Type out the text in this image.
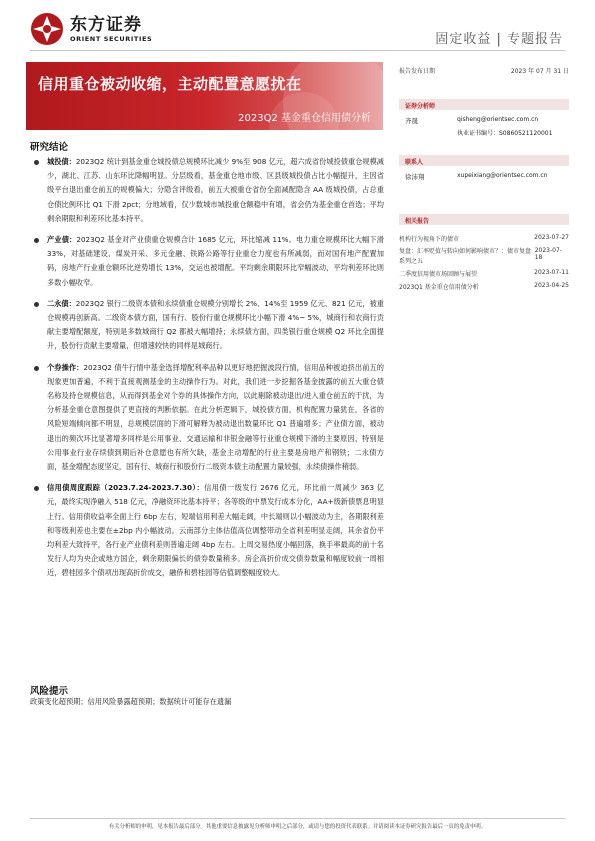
东方证券
ORIENT SECURITIES	固定收益 | 专题报告
信用重仓被动收缩，主动配置意愿扰在
2023Q2 基金重仓信用债分析
报告发布日期	2023 年 07 月 31 日
证券分析师
齐晟	qisheng@orientsec.com.cn
执业证书编号：S0860521120001
联系人
徐沛翔	xupeixiang@orientsec.com.cn
相关报告
机构行为视角下的债市	2023-07-27
复盘：汇率贬值与转向如何影响债市？：债市复盘系列之五
2023-07-18
二季度信用债市场回顾与展望	2023-07-11
2023Q1 基金重仓信用债分析	2023-04-25
研究结论
城投债：2023Q2 统计到基金重仓城投债总规模环比减少 9%至 908 亿元，超六成省份城投债重仓规模减少，湖北、江苏、山东环比降幅明显。分层级看，基金重仓地市级、区县级城投债占比小幅提升，主因省级平台退出重仓前五的规模偏大；分隐含评级看，前五大被重仓省份全面减配隐含 AA 级城投债，占总重仓债比例环比 Q1 下滑 2pct；分地域看，仅少数城市城投重仓额稳中有增，省会仍为基金重仓首选；平均剩余期限和利差环比基本持平。
产业债：2023Q2 基金对产业债重仓规模合计 1685 亿元，环比缩减 11%。电力重仓规模环比大幅下滑 33%，对基础建设、煤炭开采、多元金融、铁路公路等行业重仓力度也有所减弱，而对国有地产配置加码，房地产行业重仓额环比逆势增长 13%，交运也被增配。平均剩余期限环比窄幅波动，平均利差环比则多数小幅收窄。
二永债：2023Q2 银行二级资本债和永续债重仓规模分别增长 2%、14%至 1959 亿元、821 亿元，被重仓规模再创新高。二级资本债方面，国有行、股份行重仓规模环比小幅下滑 4%~ 5%，城商行和农商行贡献主要增配额度，特别是多数城商行 Q2 都被大幅增持；永续债方面，四类银行重仓规模 Q2 环比全面提升，股份行贡献主要增量，但增速较快的同样是城商行。
个券操作：2023Q2 债牛行情中基金选择增配利率品种以更好地把握波段行情，信用品种被迫挤出前五的现象更加普遍，不利于直接观测基金的主动操作行为。对此，我们进一步挖掘各基金披露的前五大重仓债名称及持仓规模信息，从而得到基金对个券的具体操作方向，以此剔除被动退出/进入重仓前五的干扰，为分析基金重仓意图提供了更直接的判断依据。在此分析逻辑下，城投债方面，机构配置力量犹在，各省的风险短端倾向都不明显，总规模层面的下滑可解释为被动退出数量环比 Q1 普遍增多；产业债方面，被动退出的频次环比显著增多同样是公用事业、交通运输和非银金融等行业重仓规模下滑的主要原因，特别是公用事业行业存续债到期后补仓意愿也有所欠缺，基金主动增配的行业主要是房地产和钢铁；二永债方面，基金增配态度坚定，国有行、城商行和股份行二级资本债主动配置力量较强，永续债操作稍弱。
信用债周度跟踪（2023.7.24-2023.7.30）：信用债一级发行 2676 亿元，环比前一周减少 363 亿元，最终实现净融入 518 亿元，净融资环比基本持平；各等级的中票发行成本分化，AA+级新债票息明显上行。信用债收益率全面上行 6bp 左右，短端信用利差大幅走阔，中长端则以小幅波动为主，各期限利差和等级利差也主要在±2bp 内小幅波动。云南部分主体估值高位调整带动全省利差明显走阔，其余省份平均利差大致持平，各行业产业债利差则普遍走阔 4bp 左右。上周交易热度小幅回落，换手率最高的前十名发行人均为央企或地方国企，剩余期限偏长的债券数量稍多。房企高折价成交债券数量和幅度较前一周相近，碧桂园多个债项出现高折价成交，融侨和碧桂园等估值调整幅度较大。
风险提示
政策变化超预期；信用风险暴露超预期；数据统计可能存在遗漏
有关分析师的申明，见本报告最后部分。其他重要信息披露见分析师申明之后部分，或请与您的投资代表联系。并请阅读本证券研究报告最后一页的免责申明。
